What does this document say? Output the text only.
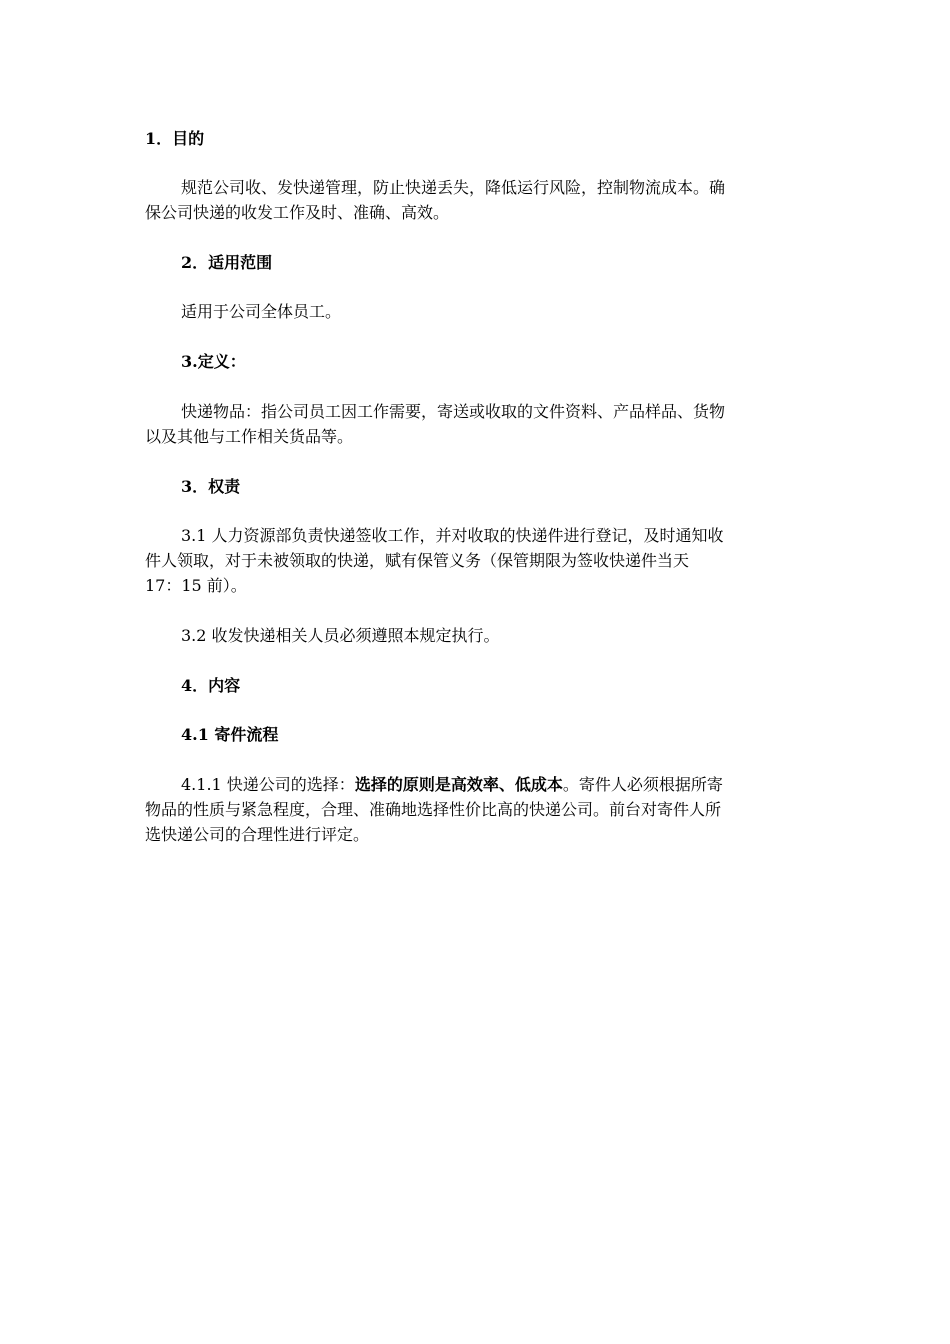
1．目的
规范公司收、发快递管理，防止快递丢失，降低运行风险，控制物流成本。确
保公司快递的收发工作及时、准确、高效。
2．适用范围
适用于公司全体员工。
3.定义：
快递物品：指公司员工因工作需要，寄送或收取的文件资料、产品样品、货物
以及其他与工作相关货品等。
3．权责
3.1 人力资源部负责快递签收工作，并对收取的快递件进行登记，及时通知收
件人领取，对于未被领取的快递，赋有保管义务（保管期限为签收快递件当天
17：15 前）。
3.2 收发快递相关人员必须遵照本规定执行。
4．内容
4.1 寄件流程
4.1.1 快递公司的选择：选择的原则是高效率、低成本。寄件人必须根据所寄
物品的性质与紧急程度，合理、准确地选择性价比高的快递公司。前台对寄件人所
选快递公司的合理性进行评定。
